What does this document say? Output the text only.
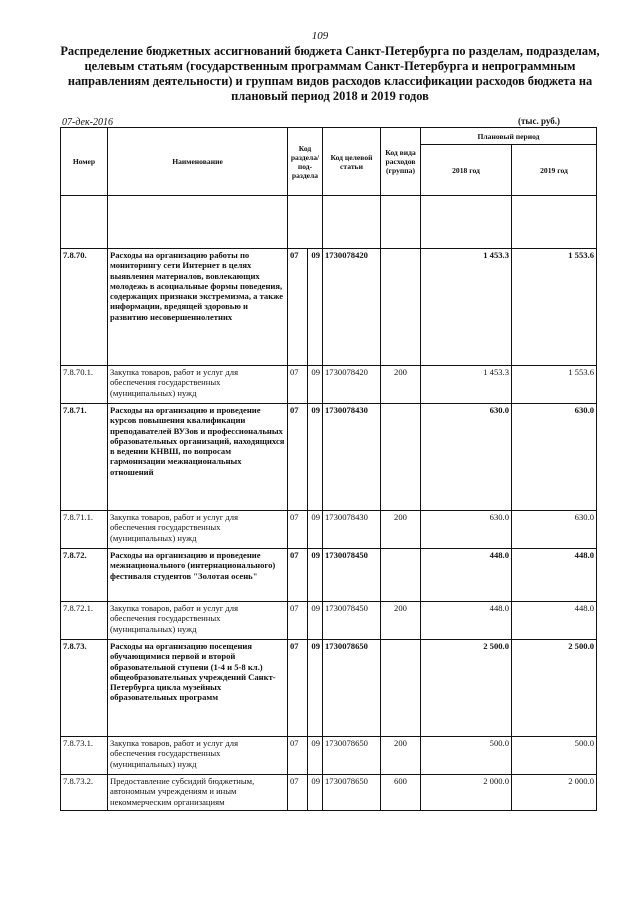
109
Распределение бюджетных ассигнований бюджета Санкт-Петербурга по разделам, подразделам, целевым статьям (государственным программам Санкт-Петербурга и непрограммным направлениям деятельности) и группам видов расходов классификации расходов бюджета на плановый период 2018 и 2019 годов
07-дек-2016	(тыс. руб.)
Номер	Наименование	Код раздела/ под- раздела		Код целевой статьи	Код вида расходов (группа)	Плановый период	
						2018 год	2019 год

7.8.70.	Расходы на организацию работы по мониторингу сети Интернет в целях выявления материалов, вовлекающих молодежь в асоциальные формы поведения, содержащих признаки экстремизма, а также информации, вредящей здоровью и развитию несовершеннолетних	07	09	1730078420		1 453.3	1 553.6
7.8.70.1.	Закупка товаров, работ и услуг для обеспечения государственных (муниципальных) нужд	07	09	1730078420	200	1 453.3	1 553.6
7.8.71.	Расходы на организацию и проведение курсов повышения квалификации преподавателей ВУЗов и профессиональных образовательных организаций, находящихся в ведении КНВШ, по вопросам гармонизации межнациональных отношений	07	09	1730078430		630.0	630.0
7.8.71.1.	Закупка товаров, работ и услуг для обеспечения государственных (муниципальных) нужд	07	09	1730078430	200	630.0	630.0
7.8.72.	Расходы на организацию и проведение межнационального (интернационального) фестиваля студентов "Золотая осень"	07	09	1730078450		448.0	448.0
7.8.72.1.	Закупка товаров, работ и услуг для обеспечения государственных (муниципальных) нужд	07	09	1730078450	200	448.0	448.0
7.8.73.	Расходы на организацию посещения обучающимися первой и второй образовательной ступени (1-4 и 5-8 кл.) общеобразовательных учреждений Санкт-Петербурга цикла музейных образовательных программ	07	09	1730078650		2 500.0	2 500.0
7.8.73.1.	Закупка товаров, работ и услуг для обеспечения государственных (муниципальных) нужд	07	09	1730078650	200	500.0	500.0
7.8.73.2.	Предоставление субсидий бюджетным, автономным учреждениям и иным некоммерческим организациям	07	09	1730078650	600	2 000.0	2 000.0
